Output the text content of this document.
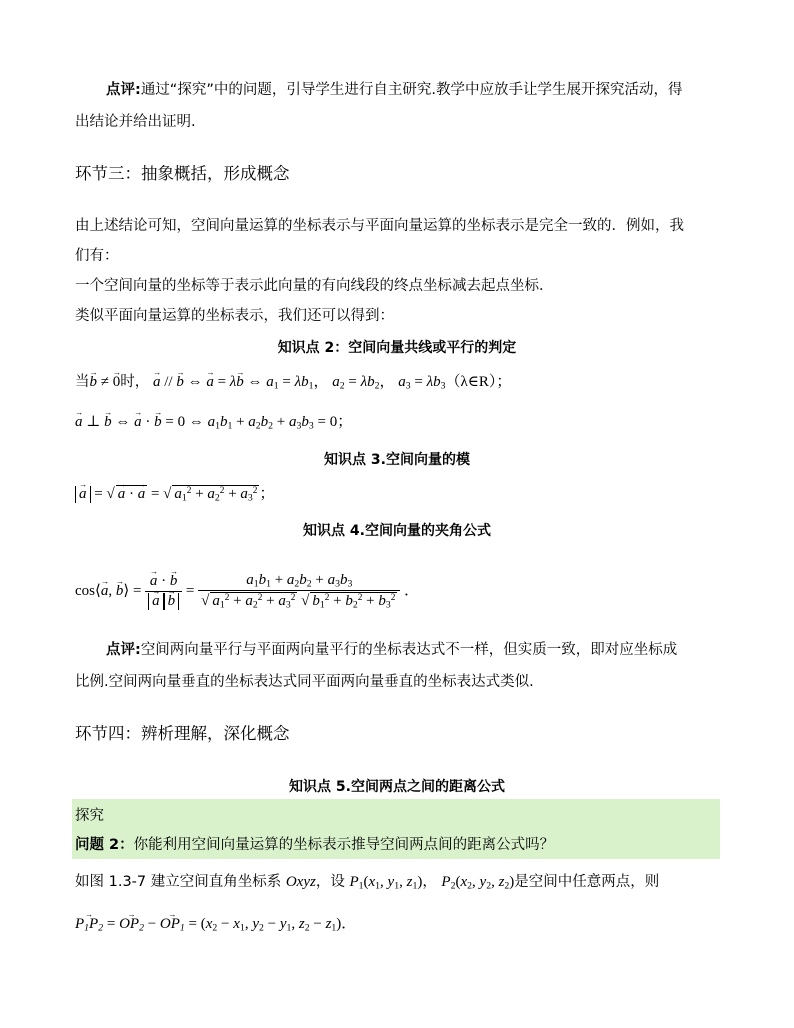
点评:通过“探究”中的问题，引导学生进行自主研究.教学中应放手让学生展开探究活动，得
出结论并给出证明.
环节三：抽象概括，形成概念
由上述结论可知，空间向量运算的坐标表示与平面向量运算的坐标表示是完全一致的．例如，我
们有：
一个空间向量的坐标等于表示此向量的有向线段的终点坐标减去起点坐标．
类似平面向量运算的坐标表示，我们还可以得到：
知识点 2：空间向量共线或平行的判定
当→ b ≠ → 0时， → a // → b ⇔ → a = λ→ b ⇔ $a_1 = \lambda b_1$， $a_2 = \lambda b_2$， $a_3$ = $\lambda b_3(\lambda\in R)$；
→ a ⊥ → b ⇔ → a · → b = 0 ⇔ $a_1b_1 + a_2b_2 + a_3b_3 = 0$；
知识点 3.空间向量的模
→ a = √ → a · → a = √ $a_1^2 + a_2^2 + a_3^2$ ；
知识点 4.空间向量的夹角公式
cos⟨→ a, → b⟩ = → a · → b
→ $a \to b = \frac{a_1b_1 + a_2b_2 + a_3b_3}{√ a_1^2 + a_2^2 + a_3^2 √ b_1^2 + b_2^2 + b_3^2}$ ．
点评:空间两向量平行与平面两向量平行的坐标表达式不一样，但实质一致，即对应坐标成
比例.空间两向量垂直的坐标表达式同平面两向量垂直的坐标表达式类似.
环节四：辨析理解，深化概念
知识点 5.空间两点之间的距离公式
探究
问题 2：你能利用空间向量运算的坐标表示推导空间两点间的距离公式吗？
如图 1.3-7 建立空间直角坐标系 Oxyz，设 $P_1(x_1$, $y_1$, $z_1$)， $P_2(x_2$, $y_2$, $z_2$)是空间中任意两点，则
→ $P_1P_2$ = → $OP_2$ − → $OP_1 = (x_2 - x_1$, $y_2 - y_1$, $z_2 - z_1$)．
